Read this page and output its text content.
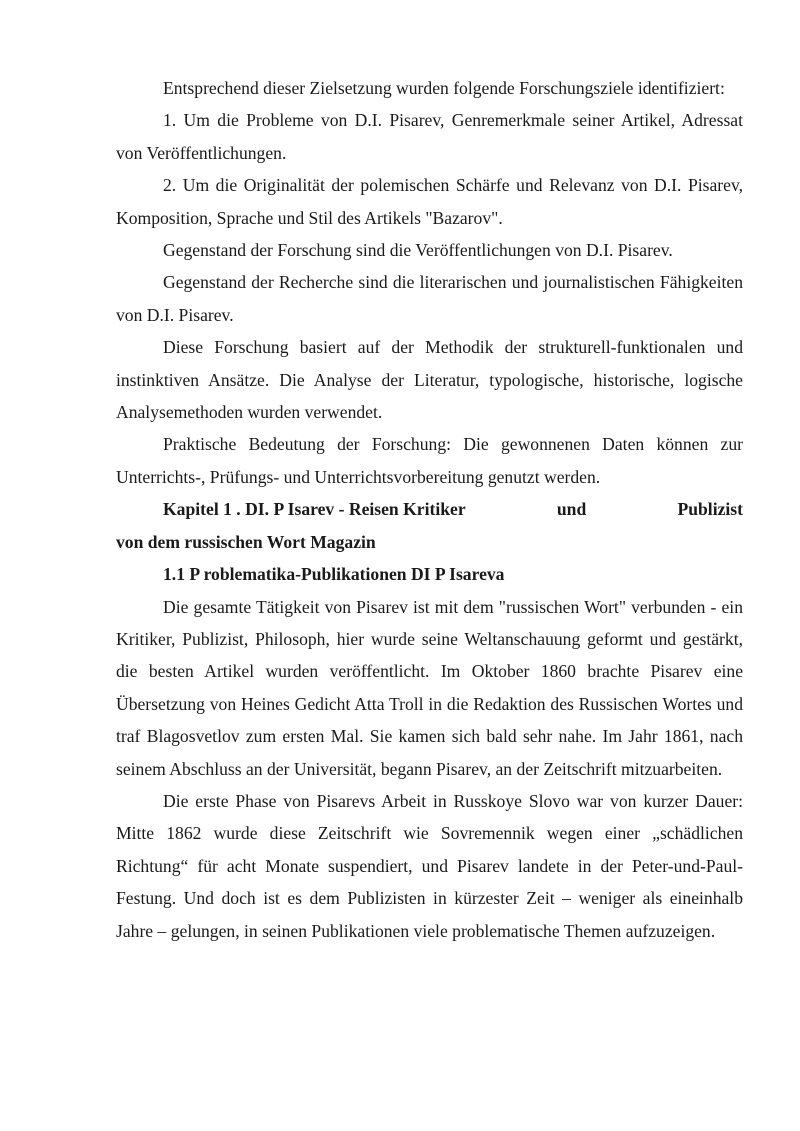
Entsprechend dieser Zielsetzung wurden folgende Forschungsziele identifiziert:

1. Um die Probleme von D.I. Pisarev, Genremerkmale seiner Artikel, Adressat von Veröffentlichungen.

2. Um die Originalität der polemischen Schärfe und Relevanz von D.I. Pisarev, Komposition, Sprache und Stil des Artikels "Bazarov".

Gegenstand der Forschung sind die Veröffentlichungen von D.I. Pisarev.

Gegenstand der Recherche sind die literarischen und journalistischen Fähigkeiten von D.I. Pisarev.

Diese Forschung basiert auf der Methodik der strukturell-funktionalen und instinktiven Ansätze. Die Analyse der Literatur, typologische, historische, logische Analysemethoden wurden verwendet.

Praktische Bedeutung der Forschung: Die gewonnenen Daten können zur Unterrichts-, Prüfungs- und Unterrichtsvorbereitung genutzt werden.

Kapitel 1 . DI. P Isarev - Reisen Kritiker	und	Publizist

von dem russischen Wort Magazin

1.1 P roblematika-Publikationen DI P Isareva

Die gesamte Tätigkeit von Pisarev ist mit dem "russischen Wort" verbunden - ein Kritiker, Publizist, Philosoph, hier wurde seine Weltanschauung geformt und gestärkt, die besten Artikel wurden veröffentlicht. Im Oktober 1860 brachte Pisarev eine Übersetzung von Heines Gedicht Atta Troll in die Redaktion des Russischen Wortes und traf Blagosvetlov zum ersten Mal. Sie kamen sich bald sehr nahe. Im Jahr 1861, nach seinem Abschluss an der Universität, begann Pisarev, an der Zeitschrift mitzuarbeiten.

Die erste Phase von Pisarevs Arbeit in Russkoye Slovo war von kurzer Dauer: Mitte 1862 wurde diese Zeitschrift wie Sovremennik wegen einer „schädlichen Richtung“ für acht Monate suspendiert, und Pisarev landete in der Peter-und-Paul-Festung. Und doch ist es dem Publizisten in kürzester Zeit – weniger als eineinhalb Jahre – gelungen, in seinen Publikationen viele problematische Themen aufzuzeigen.
